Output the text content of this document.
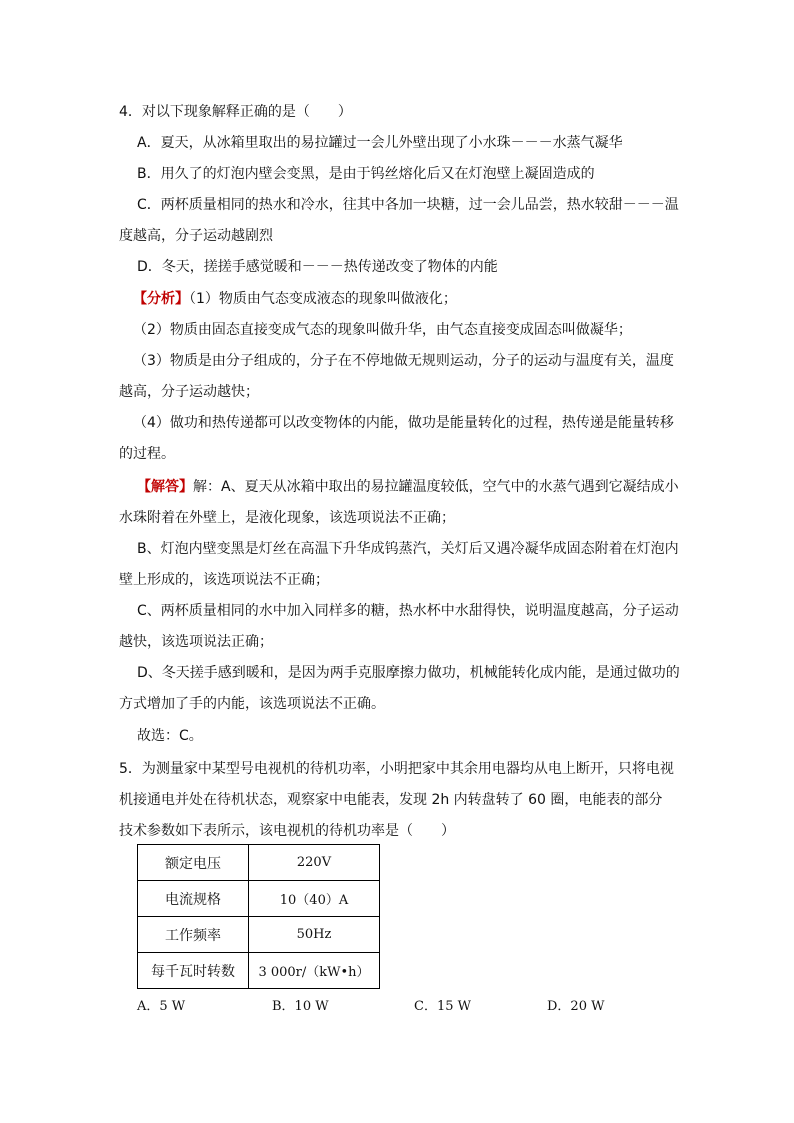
4．对以下现象解释正确的是（　　）
A．夏天，从冰箱里取出的易拉罐过一会儿外壁出现了小水珠－－－水蒸气凝华
B．用久了的灯泡内壁会变黑，是由于钨丝熔化后又在灯泡壁上凝固造成的
C．两杯质量相同的热水和冷水，往其中各加一块糖，过一会儿品尝，热水较甜－－－温
度越高，分子运动越剧烈
D．冬天，搓搓手感觉暖和－－－热传递改变了物体的内能
【分析】（1）物质由气态变成液态的现象叫做液化；
（2）物质由固态直接变成气态的现象叫做升华，由气态直接变成固态叫做凝华；
（3）物质是由分子组成的，分子在不停地做无规则运动，分子的运动与温度有关，温度
越高，分子运动越快；
（4）做功和热传递都可以改变物体的内能，做功是能量转化的过程，热传递是能量转移
的过程。
【解答】解：A、夏天从冰箱中取出的易拉罐温度较低，空气中的水蒸气遇到它凝结成小
水珠附着在外壁上，是液化现象，该选项说法不正确；
B、灯泡内壁变黑是灯丝在高温下升华成钨蒸汽，关灯后又遇冷凝华成固态附着在灯泡内
壁上形成的，该选项说法不正确；
C、两杯质量相同的水中加入同样多的糖，热水杯中水甜得快，说明温度越高，分子运动
越快，该选项说法正确；
D、冬天搓手感到暖和，是因为两手克服摩擦力做功，机械能转化成内能，是通过做功的
方式增加了手的内能，该选项说法不正确。
故选：C。
5．为测量家中某型号电视机的待机功率，小明把家中其余用电器均从电上断开，只将电视
机接通电并处在待机状态，观察家中电能表，发现 2h 内转盘转了 60 圈，电能表的部分
技术参数如下表所示，该电视机的待机功率是（　　）
额定电压	220V
电流规格	10（40）A
工作频率	50Hz
每千瓦时转数	3 000r/（kW•h）
A．5 W	B．10 W	C．15 W	D．20 W
